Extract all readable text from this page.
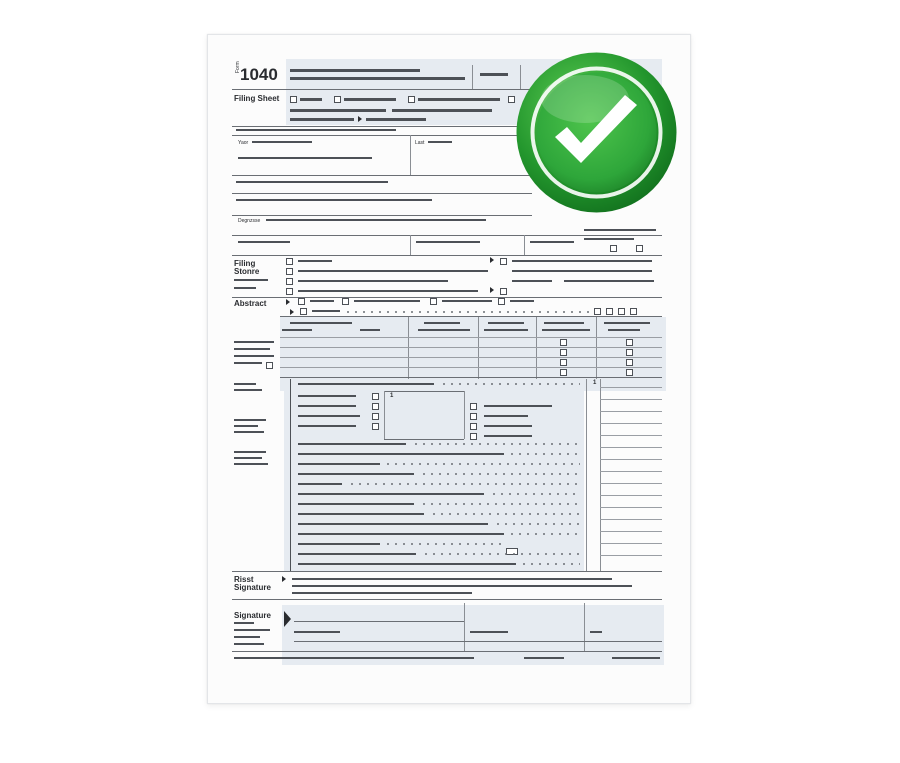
Form 1040
Filing Sheet
Yaor	Last
Degnzsse
Filing
Stonre
Abstract
1
1
Risst
Signature
Signature
